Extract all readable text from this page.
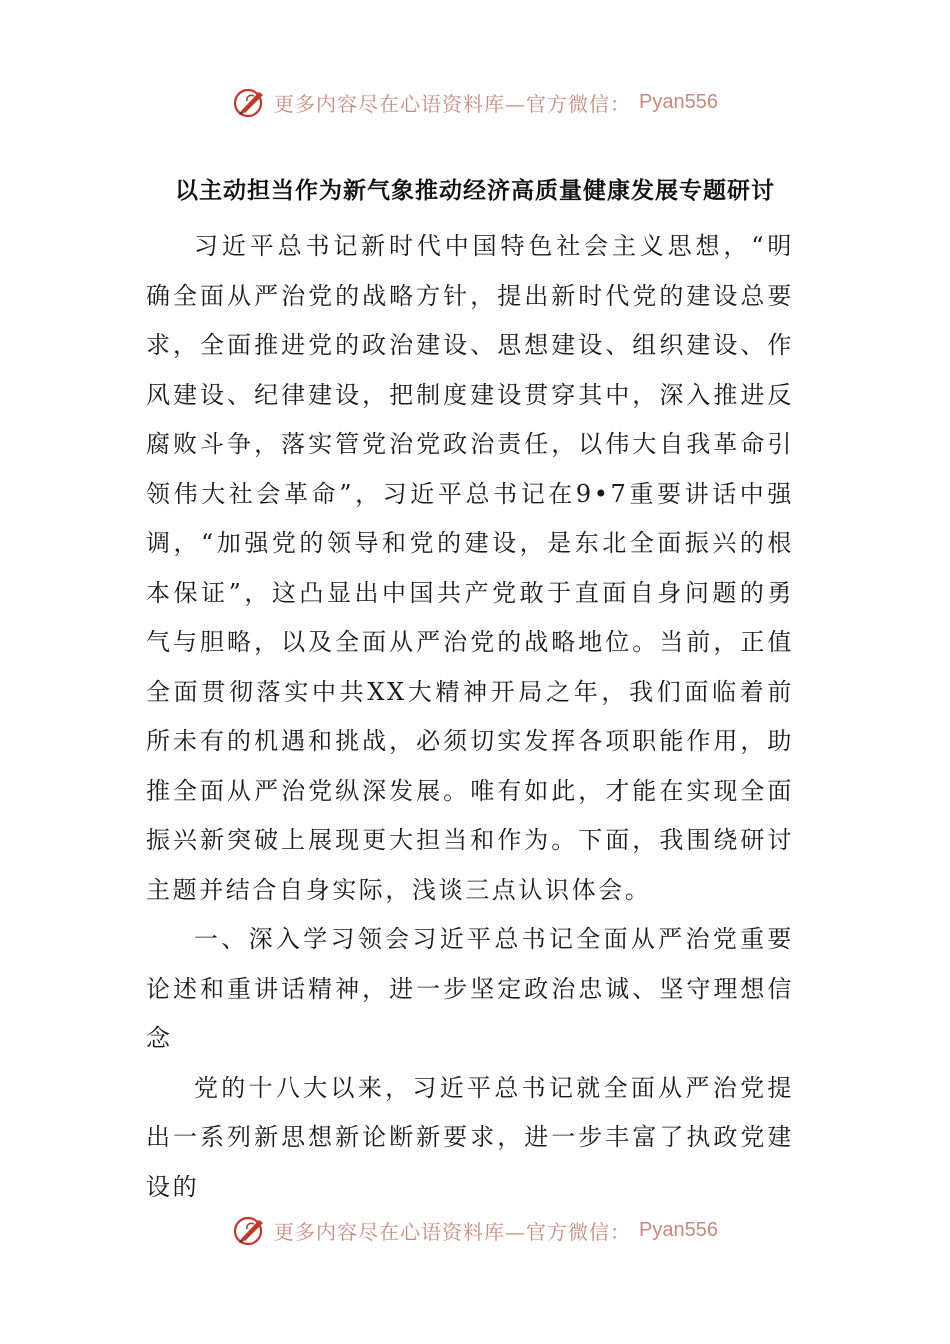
更多内容尽在心语资料库—官方微信： Pyan556
以主动担当作为新气象推动经济高质量健康发展专题研讨

习近平总书记新时代中国特色社会主义思想，“明确全面从严治党的战略方针，提出新时代党的建设总要求，全面推进党的政治建设、思想建设、组织建设、作风建设、纪律建设，把制度建设贯穿其中，深入推进反腐败斗争，落实管党治党政治责任，以伟大自我革命引领伟大社会革命”，习近平总书记在9•7重要讲话中强调，“加强党的领导和党的建设，是东北全面振兴的根本保证”，这凸显出中国共产党敢于直面自身问题的勇气与胆略，以及全面从严治党的战略地位。当前，正值全面贯彻落实中共XX大精神开局之年，我们面临着前所未有的机遇和挑战，必须切实发挥各项职能作用，助推全面从严治党纵深发展。唯有如此，才能在实现全面振兴新突破上展现更大担当和作为。下面，我围绕研讨主题并结合自身实际，浅谈三点认识体会。

一、深入学习领会习近平总书记全面从严治党重要论述和重讲话精神，进一步坚定政治忠诚、坚守理想信念

党的十八大以来，习近平总书记就全面从严治党提出一系列新思想新论断新要求，进一步丰富了执政党建设的

更多内容尽在心语资料库—官方微信： Pyan556
